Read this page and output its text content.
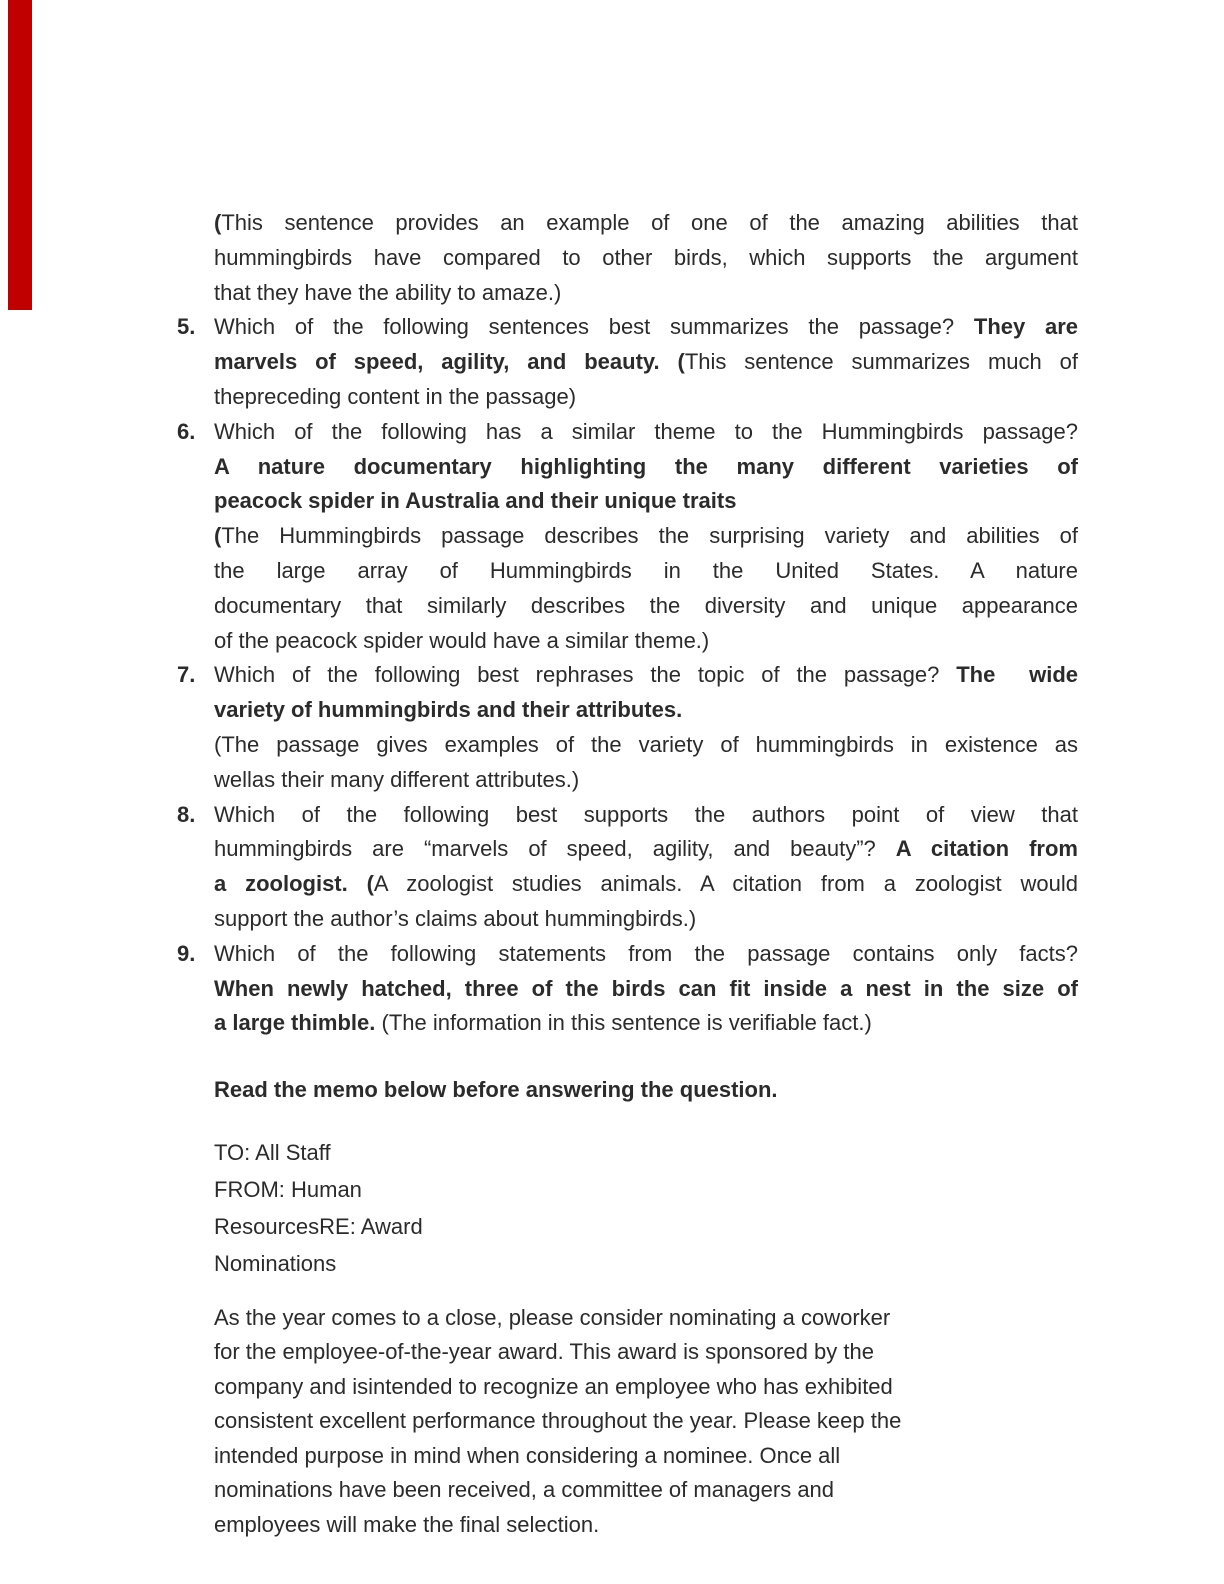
(This sentence provides an example of one of the amazing abilities that
hummingbirds have compared to other birds, which supports the argument
that they have the ability to amaze.)
5. Which of the following sentences best summarizes the passage? They are
marvels of speed, agility, and beauty. (This sentence summarizes much of
thepreceding content in the passage)
6. Which of the following has a similar theme to the Hummingbirds passage?
A nature documentary highlighting the many different varieties of
peacock spider in Australia and their unique traits
(The Hummingbirds passage describes the surprising variety and abilities of
the large array of Hummingbirds in the United States. A nature
documentary that similarly describes the diversity and unique appearance
of the peacock spider would have a similar theme.)
7. Which of the following best rephrases the topic of the passage? The  wide
variety of hummingbirds and their attributes.
(The passage gives examples of the variety of hummingbirds in existence as
wellas their many different attributes.)
8. Which of the following best supports the authors point of view that
hummingbirds are “marvels of speed, agility, and beauty”? A citation from
a zoologist. (A zoologist studies animals. A citation from a zoologist would
support the author’s claims about hummingbirds.)
9. Which of the following statements from the passage contains only facts?
When newly hatched, three of the birds can fit inside a nest in the size of
a large thimble. (The information in this sentence is verifiable fact.)
Read the memo below before answering the question.
TO: All Staff
FROM: Human
ResourcesRE: Award
Nominations
As the year comes to a close, please consider nominating a coworker
for the employee-of-the-year award. This award is sponsored by the
company and isintended to recognize an employee who has exhibited
consistent excellent performance throughout the year. Please keep the
intended purpose in mind when considering a nominee. Once all
nominations have been received, a committee of managers and
employees will make the final selection.
